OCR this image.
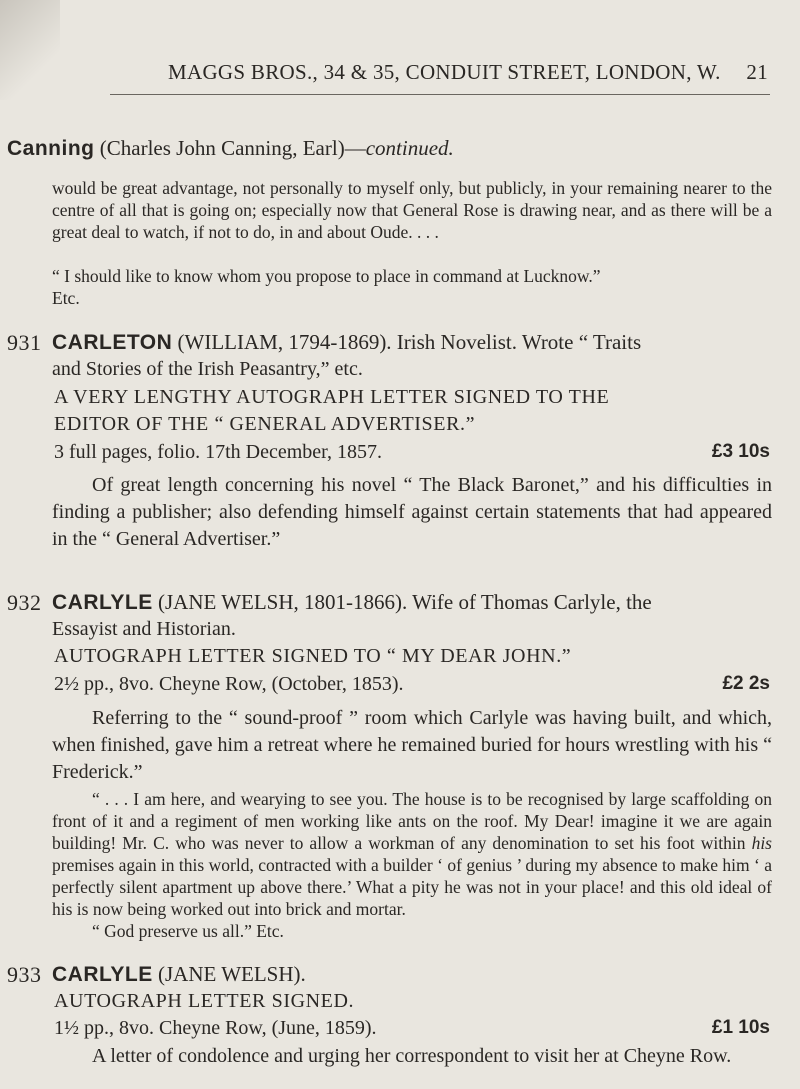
MAGGS BROS., 34 & 35, CONDUIT STREET, LONDON, W. 21
Canning (Charles John Canning, Earl)—continued.
would be great advantage, not personally to myself only, but publicly, in your remaining nearer to the centre of all that is going on; especially now that General Rose is drawing near, and as there will be a great deal to watch, if not to do, in and about Oude. . . .
“ I should like to know whom you propose to place in command at Lucknow.”
Etc.
931 CARLETON (WILLIAM, 1794-1869). Irish Novelist. Wrote “ Traits
and Stories of the Irish Peasantry,” etc.
A VERY LENGTHY AUTOGRAPH LETTER SIGNED TO THE
EDITOR OF THE “ GENERAL ADVERTISER.”
3 full pages, folio. 17th December, 1857.	£3 10s
Of great length concerning his novel “ The Black Baronet,” and his difficulties in finding a publisher; also defending himself against certain statements that had appeared in the “ General Advertiser.”
932 CARLYLE (JANE WELSH, 1801-1866). Wife of Thomas Carlyle, the
Essayist and Historian.
AUTOGRAPH LETTER SIGNED TO “ MY DEAR JOHN.”
2½ pp., 8vo. Cheyne Row, (October, 1853).	£2 2s
Referring to the “ sound-proof ” room which Carlyle was having built, and which, when finished, gave him a retreat where he remained buried for hours wrestling with his “ Frederick.”
“ . . . I am here, and wearying to see you. The house is to be recognised by large scaffolding on front of it and a regiment of men working like ants on the roof. My Dear! imagine it we are again building! Mr. C. who was never to allow a workman of any denomination to set his foot within his premises again in this world, contracted with a builder ‘ of genius ’ during my absence to make him ‘ a perfectly silent apartment up above there.’ What a pity he was not in your place! and this old ideal of his is now being worked out into brick and mortar.
“ God preserve us all.” Etc.
933 CARLYLE (JANE WELSH).
AUTOGRAPH LETTER SIGNED.
1½ pp., 8vo. Cheyne Row, (June, 1859).	£1 10s
A letter of condolence and urging her correspondent to visit her at Cheyne Row.
